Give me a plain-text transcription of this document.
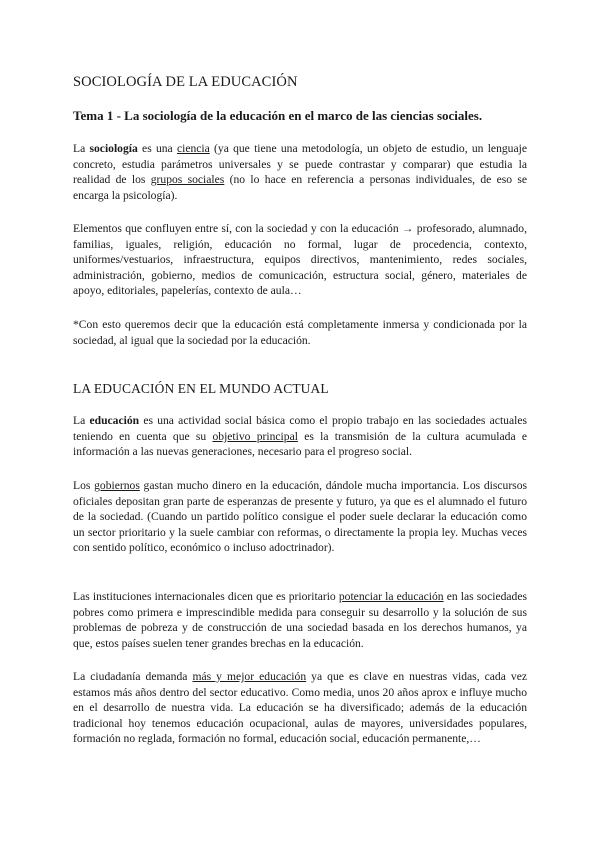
SOCIOLOGÍA DE LA EDUCACIÓN
Tema 1 - La sociología de la educación en el marco de las ciencias sociales.

La sociología es una ciencia (ya que tiene una metodología, un objeto de estudio, un lenguaje concreto, estudia parámetros universales y se puede contrastar y comparar) que estudia la realidad de los grupos sociales (no lo hace en referencia a personas individuales, de eso se encarga la psicología).

Elementos que confluyen entre sí, con la sociedad y con la educación → profesorado, alumnado, familias, iguales, religión, educación no formal, lugar de procedencia, contexto, uniformes/vestuarios, infraestructura, equipos directivos, mantenimiento, redes sociales, administración, gobierno, medios de comunicación, estructura social, género, materiales de apoyo, editoriales, papelerías, contexto de aula…

*Con esto queremos decir que la educación está completamente inmersa y condicionada por la sociedad, al igual que la sociedad por la educación.

LA EDUCACIÓN EN EL MUNDO ACTUAL

La educación es una actividad social básica como el propio trabajo en las sociedades actuales teniendo en cuenta que su objetivo principal es la transmisión de la cultura acumulada e información a las nuevas generaciones, necesario para el progreso social.

Los gobiernos gastan mucho dinero en la educación, dándole mucha importancia. Los discursos oficiales depositan gran parte de esperanzas de presente y futuro, ya que es el alumnado el futuro de la sociedad. (Cuando un partido político consigue el poder suele declarar la educación como un sector prioritario y la suele cambiar con reformas, o directamente la propia ley. Muchas veces con sentido político, económico o incluso adoctrinador).

Las instituciones internacionales dicen que es prioritario potenciar la educación en las sociedades pobres como primera e imprescindible medida para conseguir su desarrollo y la solución de sus problemas de pobreza y de construcción de una sociedad basada en los derechos humanos, ya que, estos países suelen tener grandes brechas en la educación.

La ciudadanía demanda más y mejor educación ya que es clave en nuestras vidas, cada vez estamos más años dentro del sector educativo. Como media, unos 20 años aprox e influye mucho en el desarrollo de nuestra vida. La educación se ha diversificado; además de la educación tradicional hoy tenemos educación ocupacional, aulas de mayores, universidades populares, formación no reglada, formación no formal, educación social, educación permanente,…
